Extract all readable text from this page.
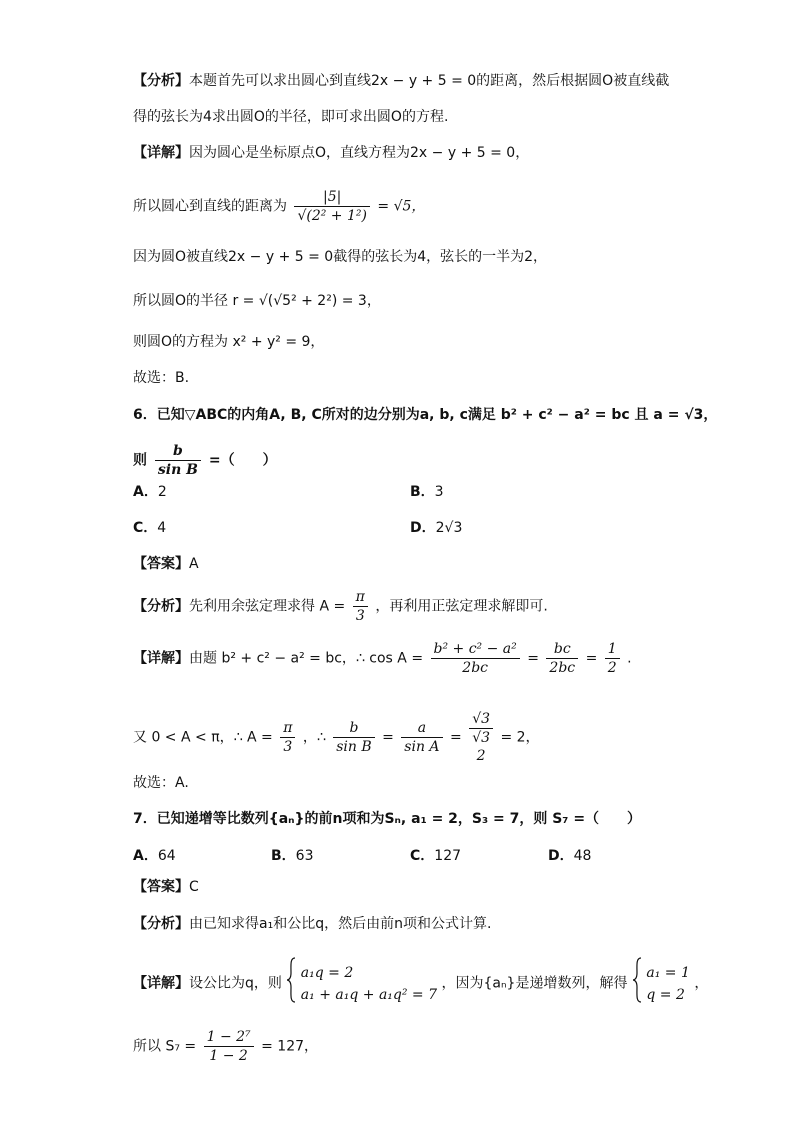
【分析】本题首先可以求出圆心到直线2x − y + 5 = 0的距离，然后根据圆O被直线截
得的弦长为4求出圆O的半径，即可求出圆O的方程.
【详解】因为圆心是坐标原点O，直线方程为2x − y + 5 = 0，
所以圆心到直线的距离为 $\frac{|5|}{\text{√(2² + 1²)}} = √5$，
因为圆O被直线2x − y + 5 = 0截得的弦长为4，弦长的一半为2，
所以圆O的半径 r = √(√5² + 2²) = 3，
则圆O的方程为 x² + y² = 9，
故选：B.
6．已知▽ABC的内角A, B, C所对的边分别为a, b, c满足 b² + c² − a² = bc 且 a = √3，
则 $\frac{b}{\text{sin B}}$ =（　　）
A．2	B．3
C．4	D．2√3
【答案】A
【分析】先利用余弦定理求得 $A = \frac{\pi}{3}$ ，再利用正弦定理求解即可.
【详解】由题 b² + c² − a² = bc，∴ $\cos A = \frac{\text{b² + c² − a²}}{2bc} = \frac{bc}{2bc} = \frac{1}{2}$ .
又 0 < A < π，∴ $A = \frac{\pi}{3}$ ，∴ $\frac{b}{\text{sin B}} = \frac{a}{\text{sin A}}$ =
√3
√3
2
= 2，
故选：A.
7．已知递增等比数列{aₙ}的前n项和为Sₙ, a₁ = 2，S₃ = 7，则 S₇ =（　　）
A．64	B．63	C．127	D．48
【答案】C
【分析】由已知求得a₁和公比q，然后由前n项和公式计算.
【详解】设公比为q，则
a₁q = 2
a₁ + a₁q + a₁q² = 7
，因为{aₙ}是递增数列，解得
a₁ = 1
q = 2
，
所以 $S_7 = \frac{\text{1 − 2⁷}}{1 - 2} = 127$，
